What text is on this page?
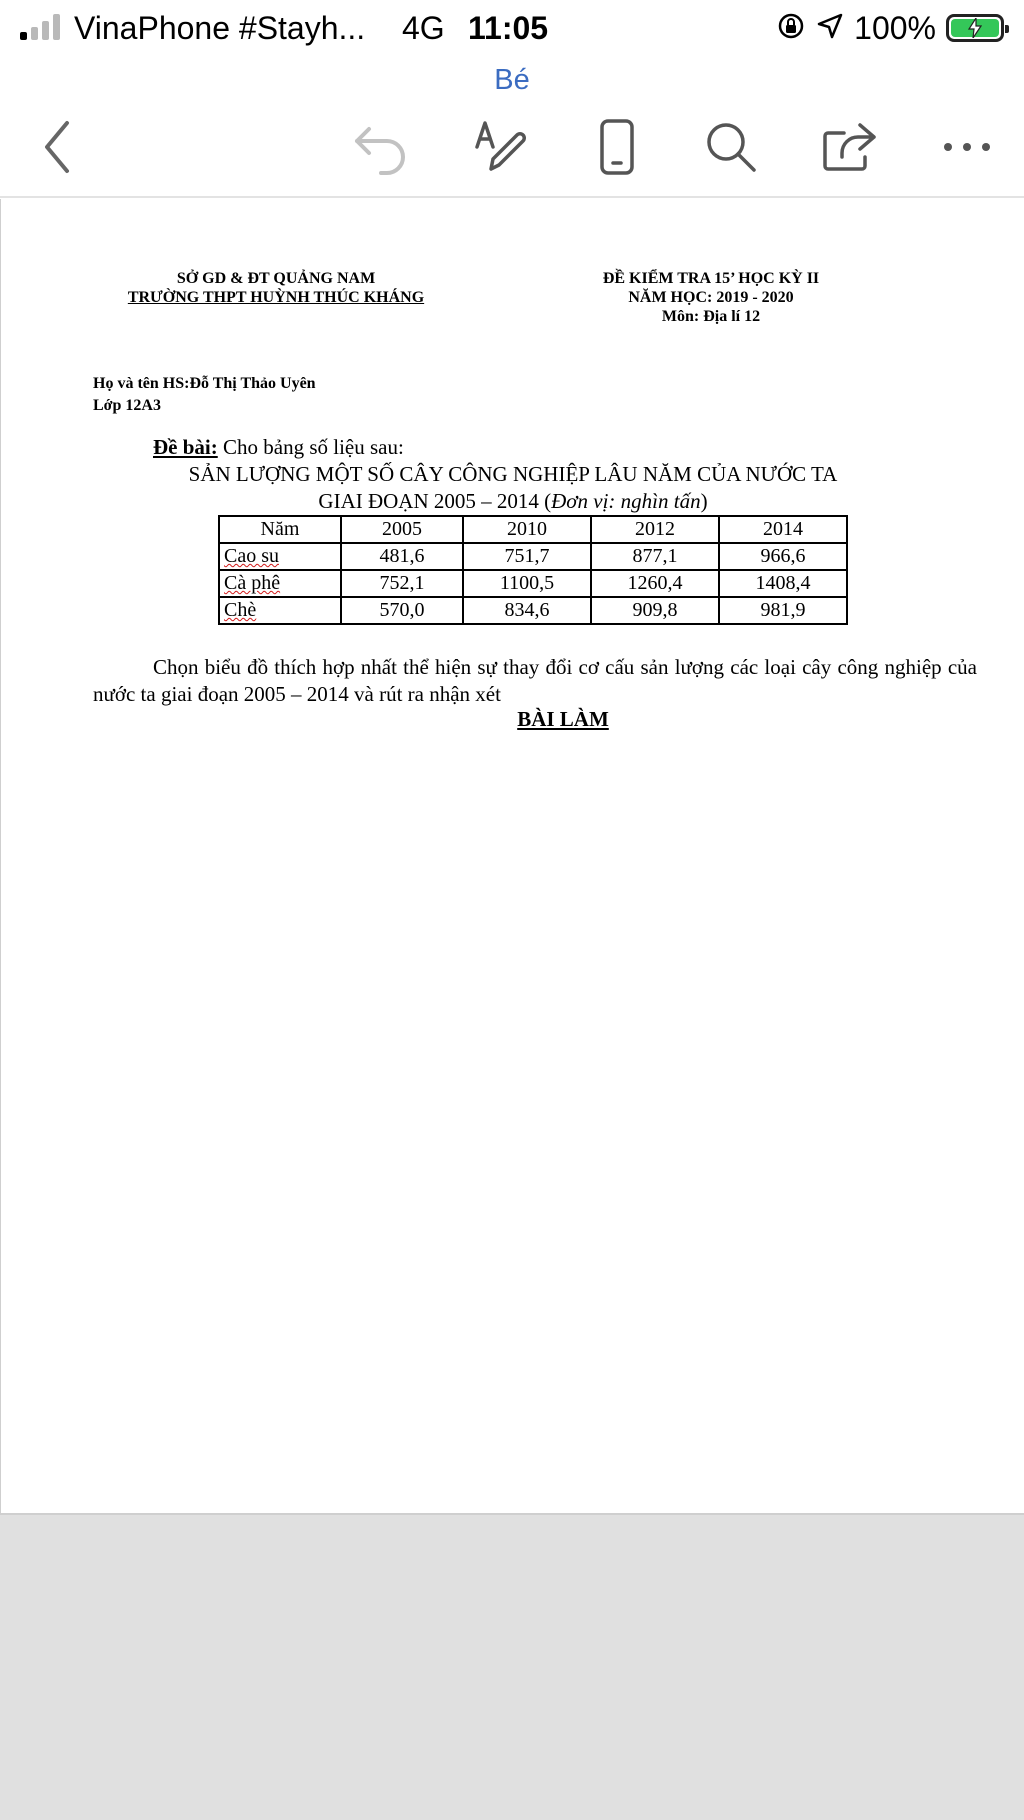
VinaPhone #Stayh... 4G 11:05	100%
Bé
SỞ GD & ĐT QUẢNG NAM
TRƯỜNG THPT HUỲNH THÚC KHÁNG
ĐỀ KIỂM TRA 15’ HỌC KỲ II
NĂM HỌC: 2019 - 2020
Môn: Địa lí 12
Họ và tên HS:Đỗ Thị Thảo Uyên
Lớp 12A3
Đề bài: Cho bảng số liệu sau:
SẢN LƯỢNG MỘT SỐ CÂY CÔNG NGHIỆP LÂU NĂM CỦA NƯỚC TA
GIAI ĐOẠN 2005 – 2014 (Đơn vị: nghìn tấn)
Năm	2005	2010	2012	2014
Cao su	481,6	751,7	877,1	966,6
Cà phê	752,1	1100,5	1260,4	1408,4
Chè	570,0	834,6	909,8	981,9
Chọn biểu đồ thích hợp nhất thể hiện sự thay đổi cơ cấu sản lượng các loại cây công nghiệp của nước ta giai đoạn 2005 – 2014 và rút ra nhận xét
BÀI LÀM
